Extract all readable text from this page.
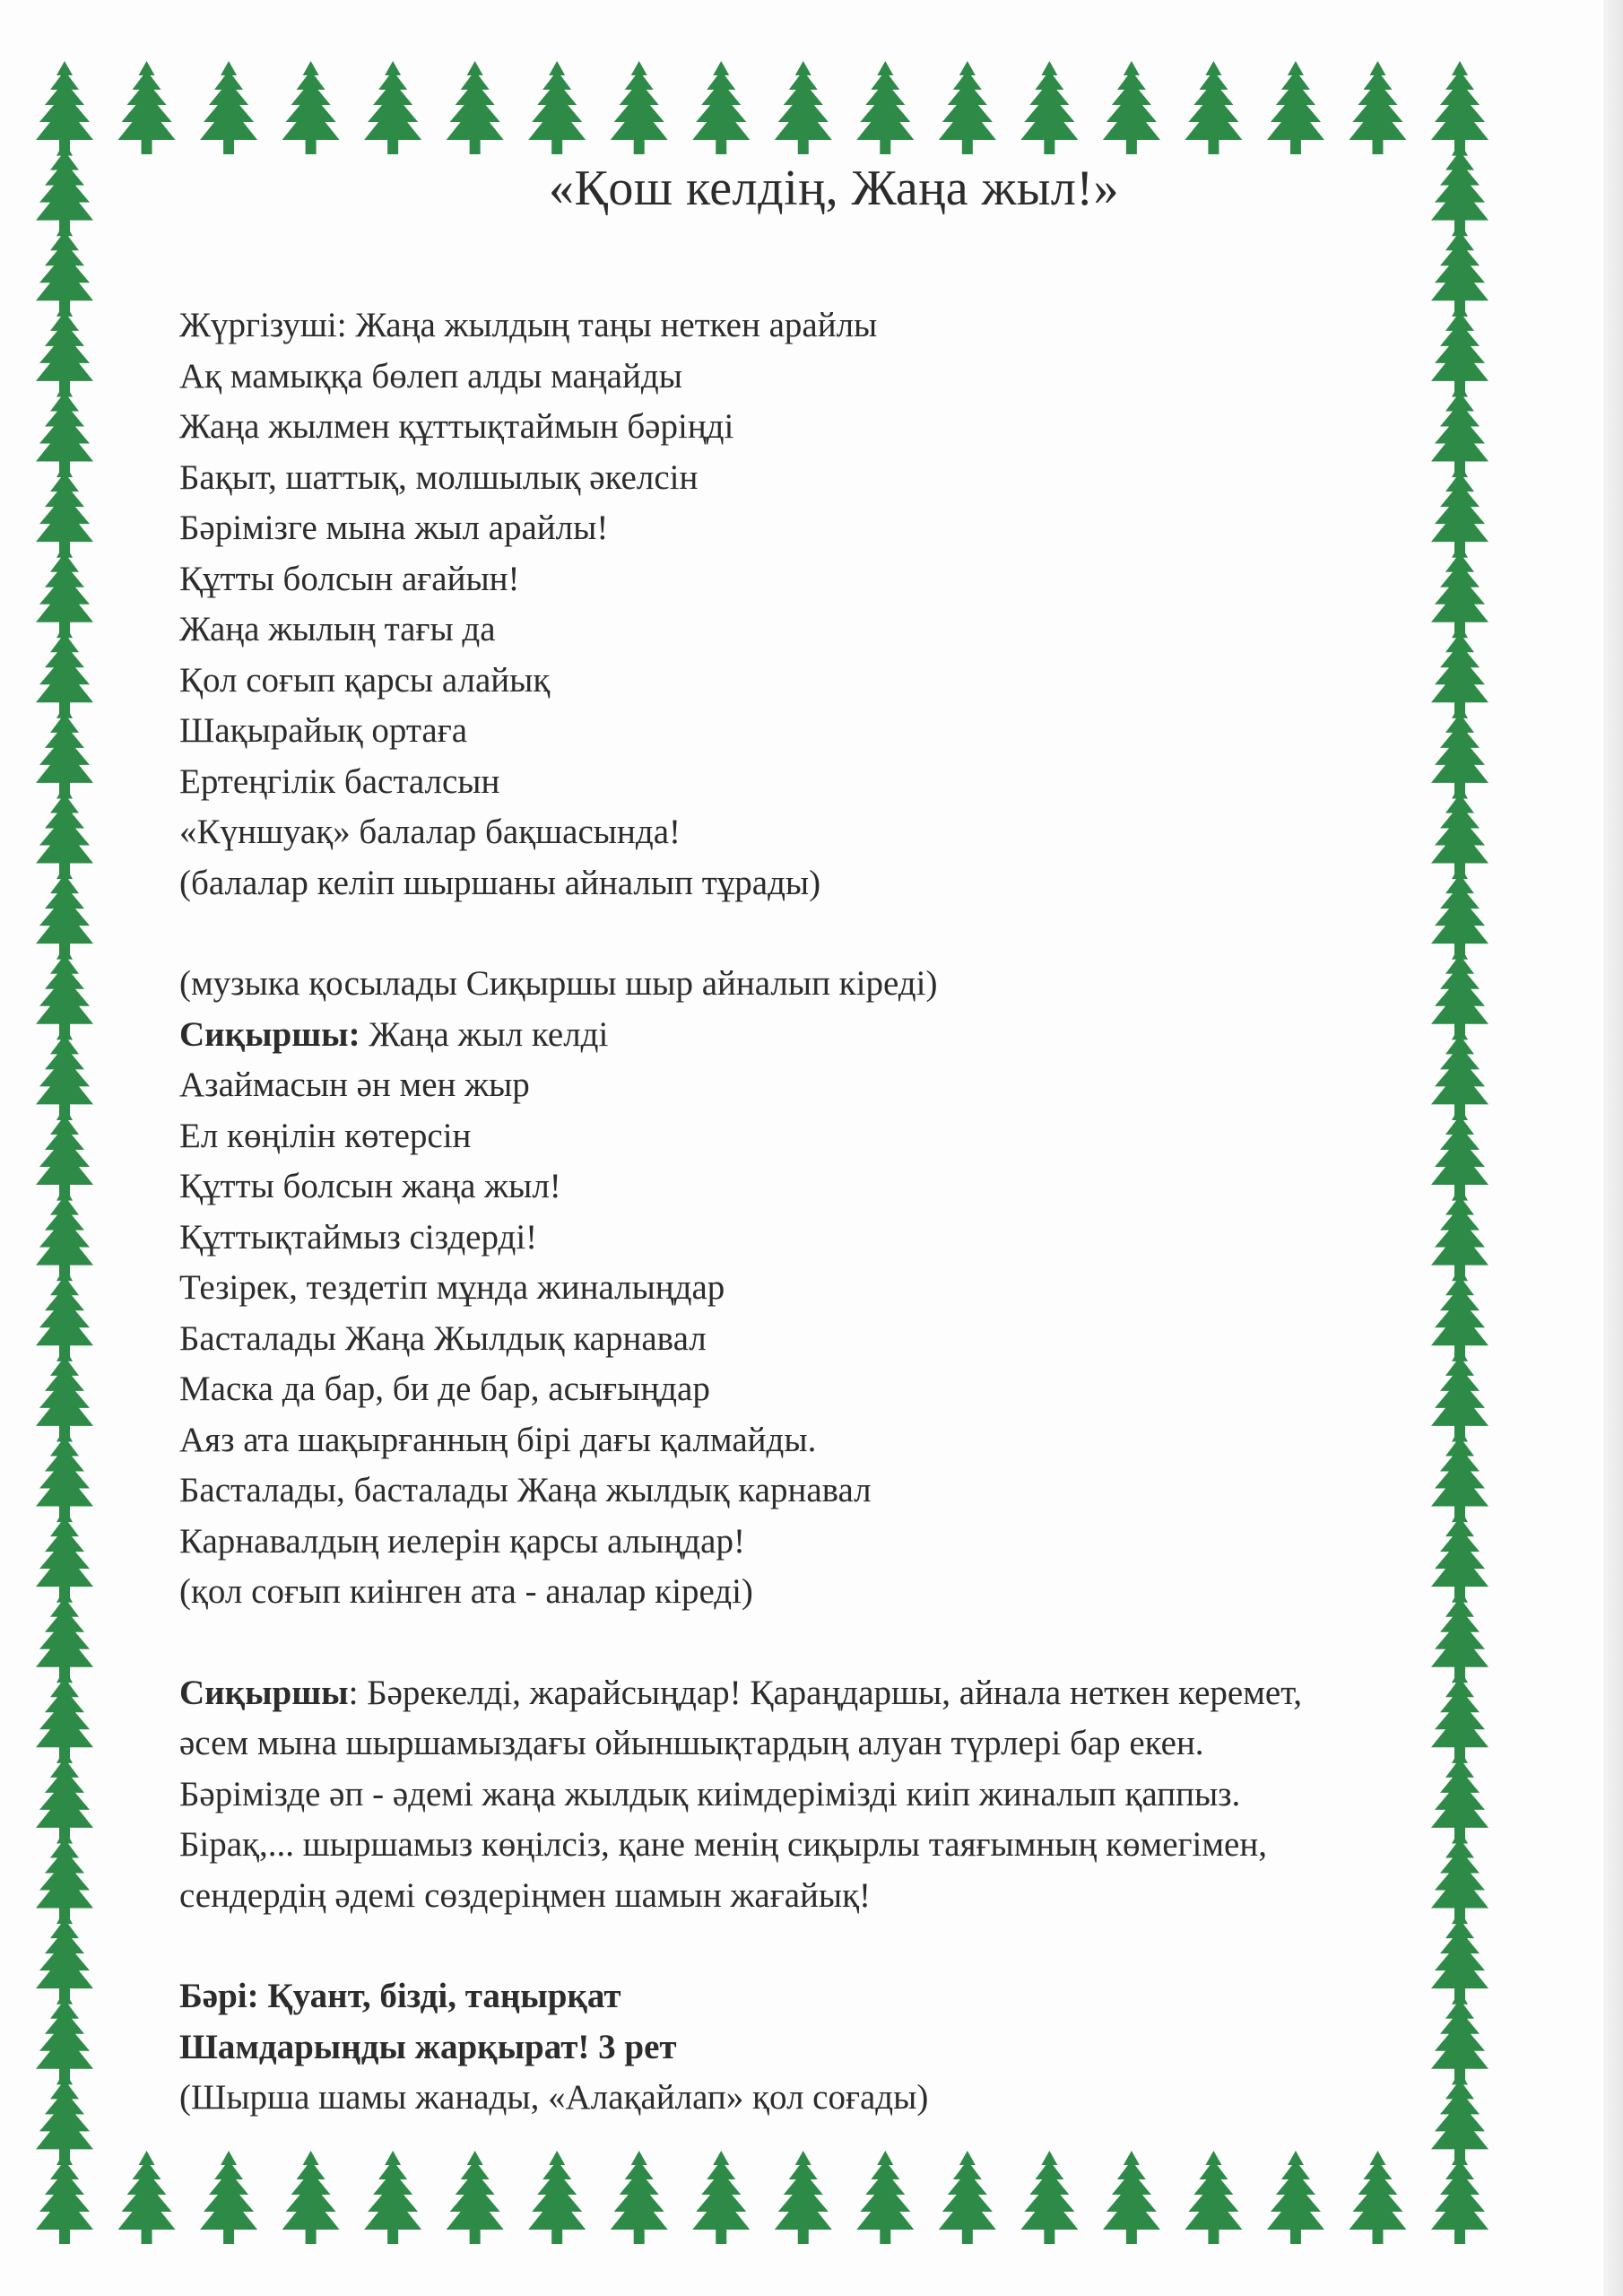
«Қош келдің, Жаңа жыл!»
Жүргізуші: Жаңа жылдың таңы неткен арайлы
Ақ мамыққа бөлеп алды маңайды
Жаңа жылмен құттықтаймын бәріңді
Бақыт, шаттық, молшылық әкелсін
Бәрімізге мына жыл арайлы!
Құтты болсын ағайын!
Жаңа жылың тағы да
Қол соғып қарсы алайық
Шақырайық ортаға
Ертеңгілік басталсын
«Күншуақ» балалар бақшасында!
(балалар келіп шыршаны айналып тұрады)
(музыка қосылады Сиқыршы шыр айналып кіреді)
Сиқыршы: Жаңа жыл келді
Азаймасын ән мен жыр
Ел көңілін көтерсін
Құтты болсын жаңа жыл!
Құттықтаймыз сіздерді!
Тезірек, тездетіп мұнда жиналыңдар
Басталады Жаңа Жылдық карнавал
Маска да бар, би де бар, асығыңдар
Аяз ата шақырғанның бірі дағы қалмайды.
Басталады, басталады Жаңа жылдық карнавал
Карнавалдың иелерін қарсы алыңдар!
(қол соғып киінген ата - аналар кіреді)
Сиқыршы: Бәрекелді, жарайсыңдар! Қараңдаршы, айнала неткен керемет,
әсем мына шыршамыздағы ойыншықтардың алуан түрлері бар екен.
Бәрімізде әп - әдемі жаңа жылдық киімдерімізді киіп жиналып қаппыз.
Бірақ,... шыршамыз көңілсіз, қане менің сиқырлы таяғымның көмегімен,
сендердің әдемі сөздеріңмен шамын жағайық!
Бәрі: Қуант, бізді, таңырқат
Шамдарыңды жарқырат! 3 рет
(Шырша шамы жанады, «Алақайлап» қол соғады)
